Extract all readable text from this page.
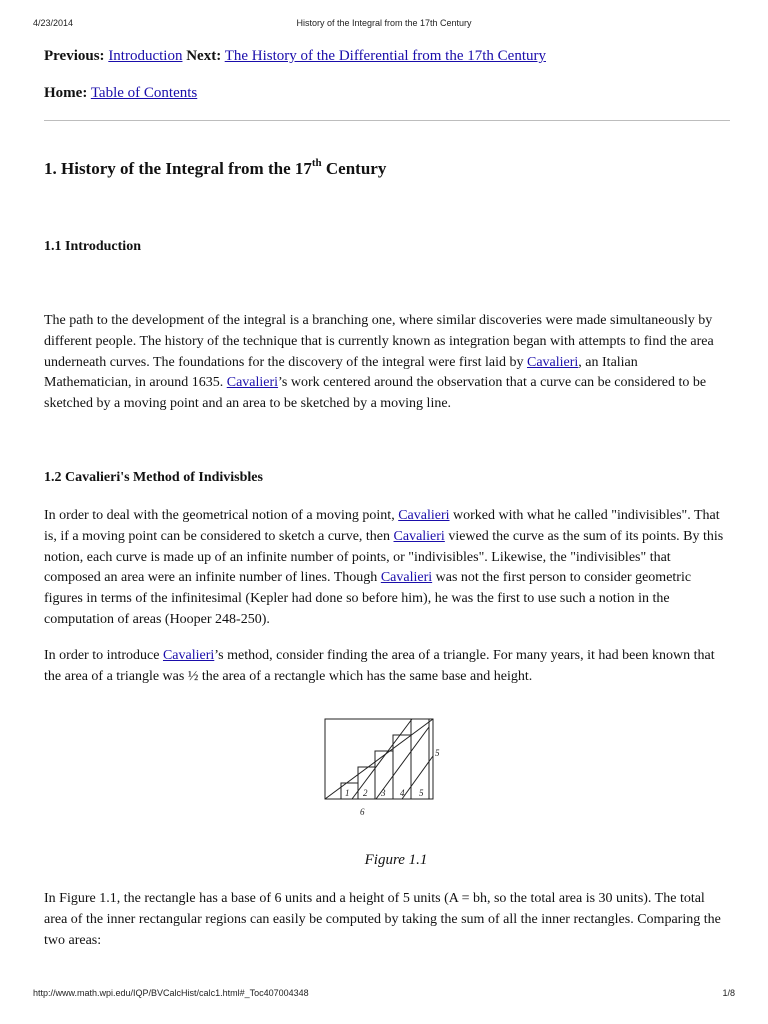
4/23/2014	History of the Integral from the 17th Century

Previous: Introduction Next: The History of the Differential from the 17th Century

Home: Table of Contents

1. History of the Integral from the 17th Century
1.1 Introduction

The path to the development of the integral is a branching one, where similar discoveries were made simultaneously by different people. The history of the technique that is currently known as integration began with attempts to find the area underneath curves. The foundations for the discovery of the integral were first laid by Cavalieri, an Italian Mathematician, in around 1635. Cavalieri’s work centered around the observation that a curve can be considered to be sketched by a moving point and an area to be sketched by a moving line.

1.2 Cavalieri's Method of Indivisbles

In order to deal with the geometrical notion of a moving point, Cavalieri worked with what he called "indivisibles". That is, if a moving point can be considered to sketch a curve, then Cavalieri viewed the curve as the sum of its points. By this notion, each curve is made up of an infinite number of points, or "indivisibles". Likewise, the "indivisibles" that composed an area were an infinite number of lines. Though Cavalieri was not the first person to consider geometric figures in terms of the infinitesimal (Kepler had done so before him), he was the first to use such a notion in the computation of areas (Hooper 248-250).

In order to introduce Cavalieri’s method, consider finding the area of a triangle. For many years, it had been known that the area of a triangle was ½ the area of a rectangle which has the same base and height.

1 2 3 4 5
5
6
Figure 1.1

In Figure 1.1, the rectangle has a base of 6 units and a height of 5 units (A = bh, so the total area is 30 units). The total area of the inner rectangular regions can easily be computed by taking the sum of all the inner rectangles. Comparing the two areas:

http://www.math.wpi.edu/IQP/BVCalcHist/calc1.html#_Toc407004348	1/8
